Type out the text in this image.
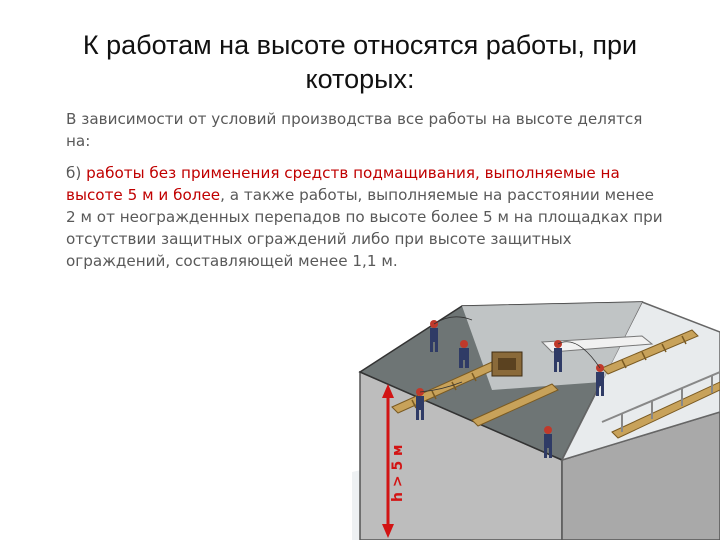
К работам на высоте относятся работы, при которых:

В зависимости от условий производства все работы на высоте делятся на:

б) работы без применения средств подмащивания, выполняемые на высоте 5 м и более, а также работы, выполняемые на расстоянии менее 2 м от неогражденных перепадов по высоте более 5 м на площадках при отсутствии защитных ограждений либо при высоте защитных ограждений, составляющей менее 1,1 м.

h > 5 м
